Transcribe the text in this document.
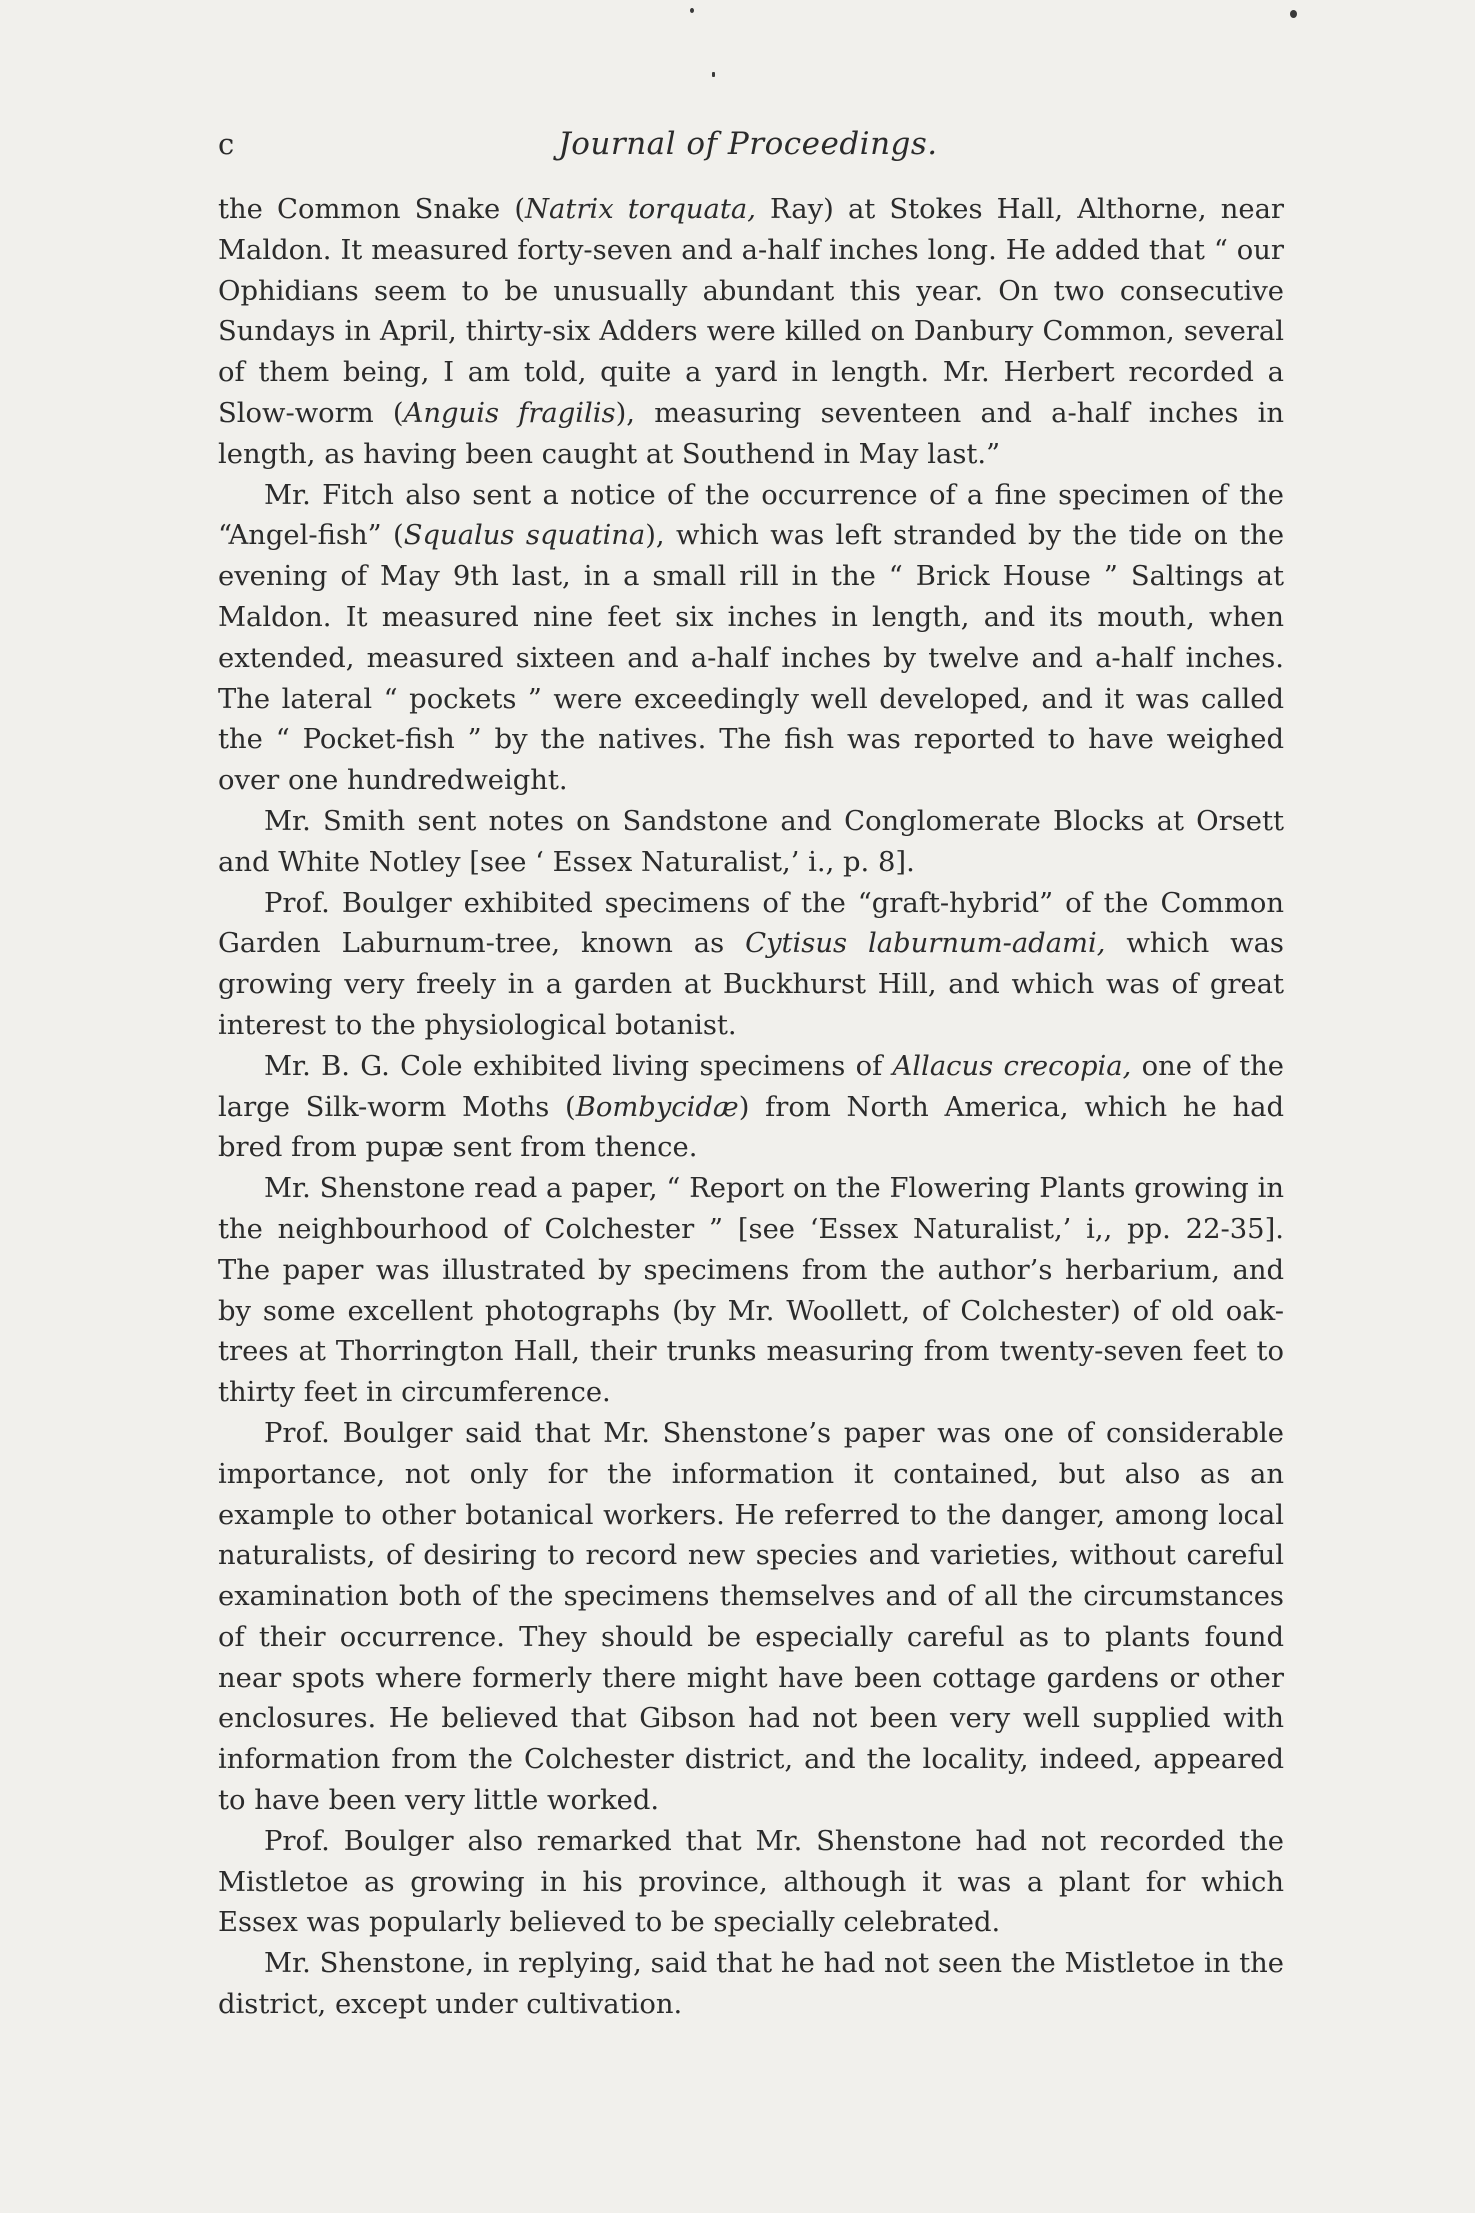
c	Journal of Proceedings.

the Common Snake (Natrix torquata, Ray) at Stokes Hall, Althorne, near Maldon. It measured forty-seven and a-half inches long. He added that “ our Ophidians seem to be unusually abundant this year. On two consecutive Sundays in April, thirty-six Adders were killed on Danbury Common, several of them being, I am told, quite a yard in length. Mr. Herbert recorded a Slow-worm (Anguis fragilis), measuring seventeen and a-half inches in length, as having been caught at Southend in May last.”

Mr. Fitch also sent a notice of the occurrence of a fine specimen of the “Angel-fish” (Squalus squatina), which was left stranded by the tide on the evening of May 9th last, in a small rill in the “ Brick House ” Saltings at Maldon. It measured nine feet six inches in length, and its mouth, when extended, measured sixteen and a-half inches by twelve and a-half inches. The lateral “ pockets ” were exceedingly well developed, and it was called the “ Pocket-fish ” by the natives. The fish was reported to have weighed over one hundredweight.

Mr. Smith sent notes on Sandstone and Conglomerate Blocks at Orsett and White Notley [see ‘ Essex Naturalist,’ i., p. 8].

Prof. Boulger exhibited specimens of the “graft-hybrid” of the Common Garden Laburnum-tree, known as Cytisus laburnum-adami, which was growing very freely in a garden at Buckhurst Hill, and which was of great interest to the physiological botanist.

Mr. B. G. Cole exhibited living specimens of Allacus crecopia, one of the large Silk-worm Moths (Bombycidæ) from North America, which he had bred from pupæ sent from thence.

Mr. Shenstone read a paper, “ Report on the Flowering Plants growing in the neighbourhood of Colchester ” [see ‘Essex Naturalist,’ i,, pp. 22-35]. The paper was illustrated by specimens from the author’s herbarium, and by some excellent photographs (by Mr. Woollett, of Colchester) of old oak-trees at Thorrington Hall, their trunks measuring from twenty-seven feet to thirty feet in circumference.

Prof. Boulger said that Mr. Shenstone’s paper was one of considerable importance, not only for the information it contained, but also as an example to other botanical workers. He referred to the danger, among local naturalists, of desiring to record new species and varieties, without careful examination both of the specimens themselves and of all the circumstances of their occurrence. They should be especially careful as to plants found near spots where formerly there might have been cottage gardens or other enclosures. He believed that Gibson had not been very well supplied with information from the Colchester district, and the locality, indeed, appeared to have been very little worked.

Prof. Boulger also remarked that Mr. Shenstone had not recorded the Mistletoe as growing in his province, although it was a plant for which Essex was popularly believed to be specially celebrated.

Mr. Shenstone, in replying, said that he had not seen the Mistletoe in the district, except under cultivation.
